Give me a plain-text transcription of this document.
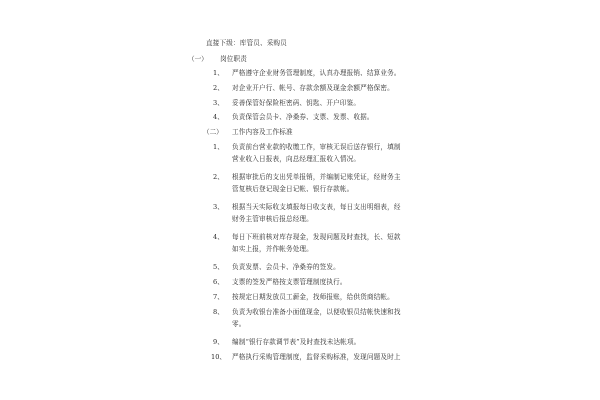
直接下级：库管员、采购员
（一） 岗位职责
1、 严格遵守企业财务管理制度，认真办理报销、结算业务。
2、 对企业开户行、帐号、存款余额及现金余额严格保密。
3、 妥善保管好保险柜密码、钥匙、开户印鉴。
4、 负责保管会员卡、净桑券、支票、发票、收据。
（二） 工作内容及工作标准
1、 负责前台营业款的收缴工作，审核无误后送存银行，填制
营业收入日报表，向总经理汇报收入情况。
2、 根据审批后的支出凭单报销，并编制记账凭证，经财务主
管复核后登记现金日记帐、银行存款帐。
3、 根据当天实际收支填报每日收支表，每日支出明细表，经
财务主管审核后报总经理。
4、 每日下班前核对库存现金，发现问题及时查找，长、短款
如实上报，并作帐务处理。
5、 负责发票、会员卡、净桑券的签发。
6、 支票的签发严格按支票管理制度执行。
7、 按规定日期发放员工薪金，找师报账，给供货商结帐。
8、 负责为收银台准备小面值现金，以便收银员结帐快速和找
零。
9、 编制“银行存款调节表”及时查找未达帐项。
10、 严格执行采购管理制度，监督采购标准，发现问题及时上
